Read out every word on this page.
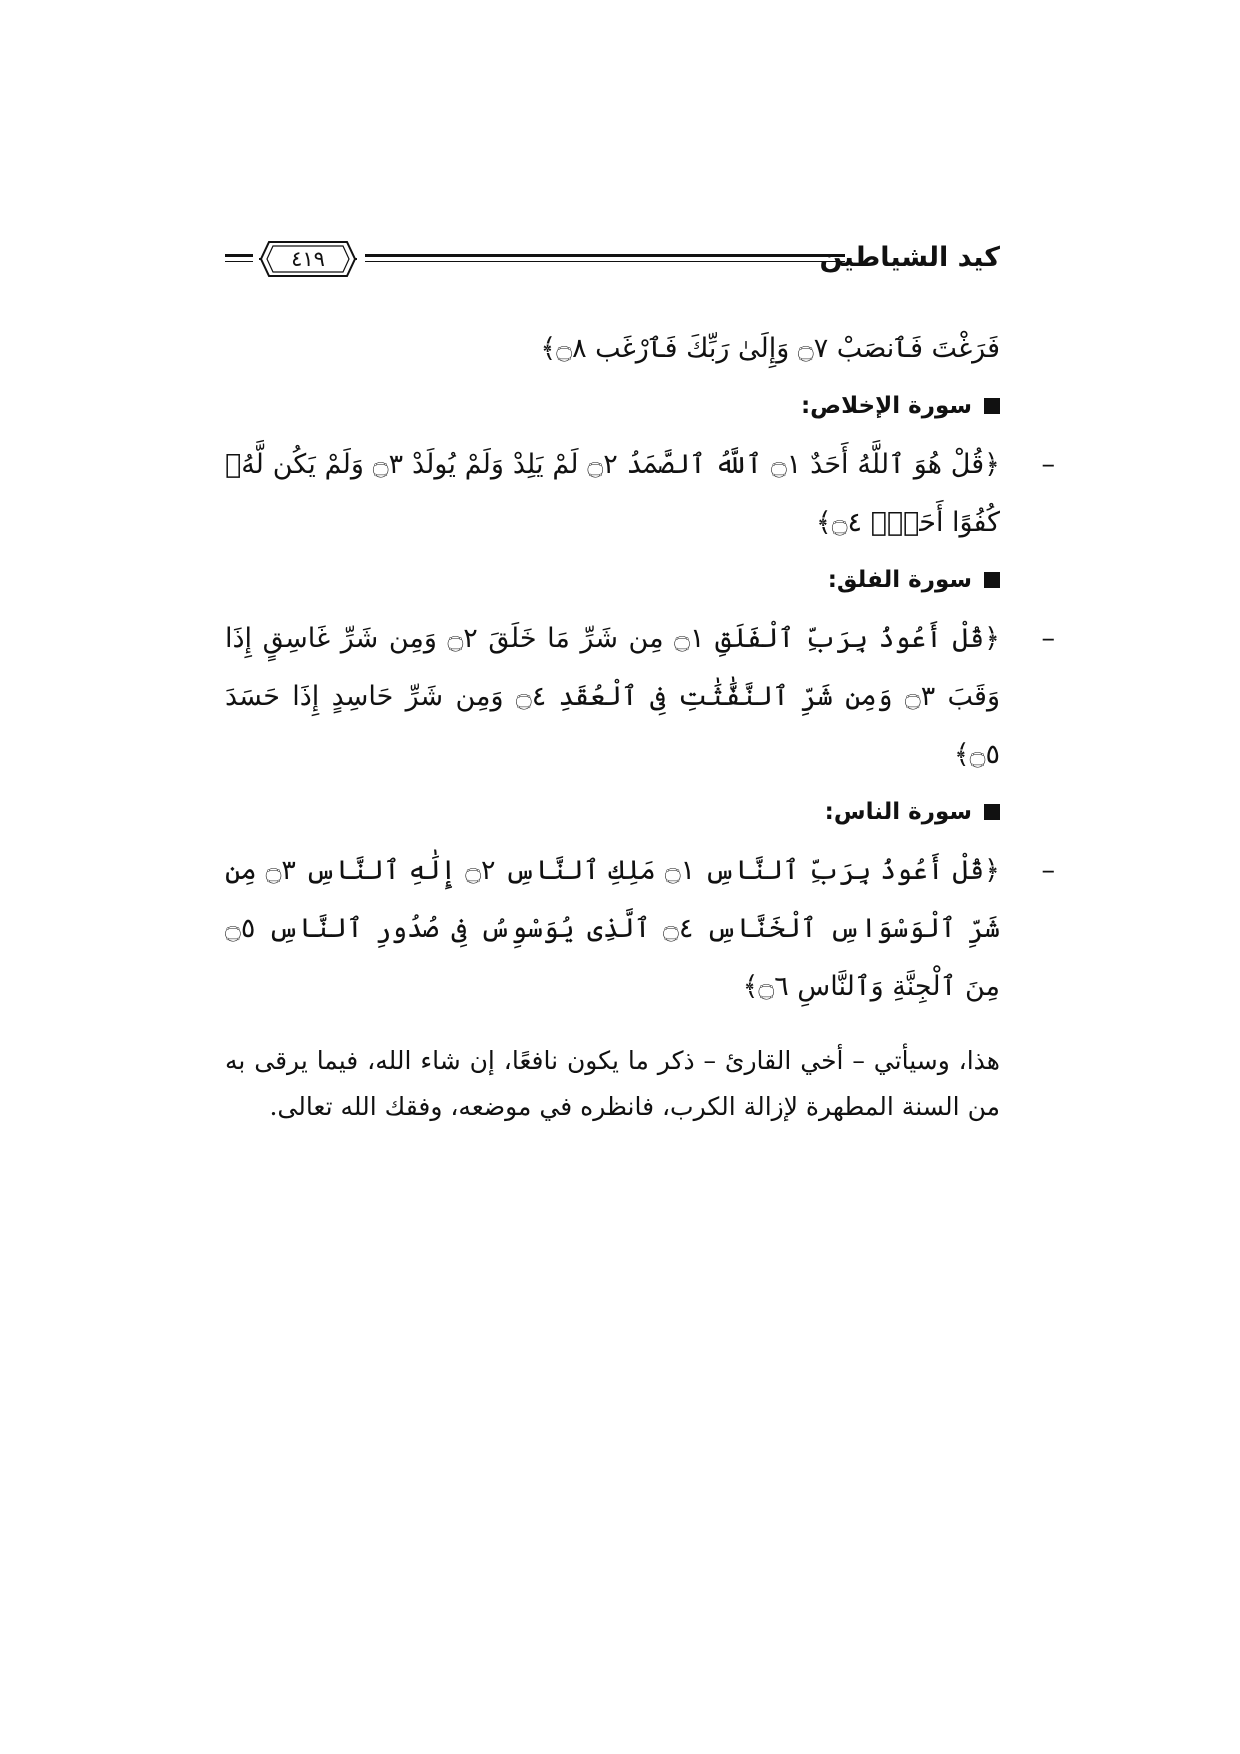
كيد الشياطين
٤١٩
فَرَغْتَ فَٱنصَبْ ۝٧ وَإِلَىٰ رَبِّكَ فَٱرْغَب ۝٨﴾
سورة الإخلاص:
–
﴿قُلْ هُوَ ٱللَّهُ أَحَدٌ ۝١ ٱللَّهُ ٱلصَّمَدُ ۝٢ لَمْ يَلِدْ وَلَمْ يُولَدْ ۝٣ وَلَمْ يَكُن لَّهُۥ كُفُوًا أَحَدٌۢ ۝٤﴾
سورة الفلق:
–
﴿قُلْ أَعُوذُ بِرَبِّ ٱلْفَلَقِ ۝١ مِن شَرِّ مَا خَلَقَ ۝٢ وَمِن شَرِّ غَاسِقٍ إِذَا وَقَبَ ۝٣ وَمِن شَرِّ ٱلنَّفَّٰثَٰتِ فِى ٱلْعُقَدِ ۝٤ وَمِن شَرِّ حَاسِدٍ إِذَا حَسَدَ ۝٥﴾
سورة الناس:
–
﴿قُلْ أَعُوذُ بِرَبِّ ٱلنَّاسِ ۝١ مَلِكِ ٱلنَّاسِ ۝٢ إِلَٰهِ ٱلنَّاسِ ۝٣ مِن شَرِّ ٱلْوَسْوَاسِ ٱلْخَنَّاسِ ۝٤ ٱلَّذِى يُوَسْوِسُ فِى صُدُورِ ٱلنَّاسِ ۝٥ مِنَ ٱلْجِنَّةِ وَٱلنَّاسِ ۝٦﴾
هذا، وسيأتي – أخي القارئ – ذكر ما يكون نافعًا، إن شاء الله، فيما يرقى به من السنة المطهرة لإزالة الكرب، فانظره في موضعه، وفقك الله تعالى.
